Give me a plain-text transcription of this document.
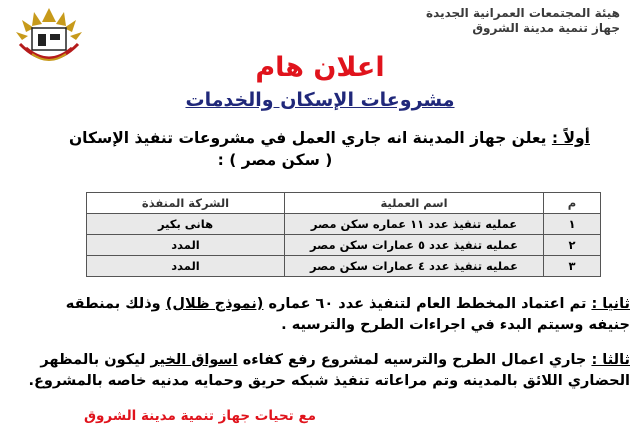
هيئة المجتمعات العمرانية الجديدة
جهاز تنمية مدينة الشروق
اعلان هام
مشروعات الإسكان والخدمات
أولاً : يعلن جهاز المدينة انه جاري العمل في مشروعات تنفيذ الإسكان
( سكن مصر ) :
م	اسم العملية	الشركة المنفذة
١	عمليه تنفيذ عدد ١١ عماره سكن مصر	هانى بكير
٢	عمليه تنفيذ عدد ٥ عمارات سكن مصر	المدد
٣	عمليه تنفيذ عدد ٤ عمارات سكن مصر	المدد
ثانيا : تم اعتماد المخطط العام لتنفيذ عدد ٦٠ عماره (نموذج ظلال) وذلك بمنطقه جنيفه وسيتم البدء في اجراءات الطرح والترسيه .
ثالثا : جاري اعمال الطرح والترسيه لمشروع رفع كفاءه اسواق الخير ليكون بالمظهر الحضاري اللائق بالمدينه وتم مراعاته تنفيذ شبكه حريق وحمايه مدنيه خاصه بالمشروع.
مع تحيات جهاز تنمية مدينة الشروق
